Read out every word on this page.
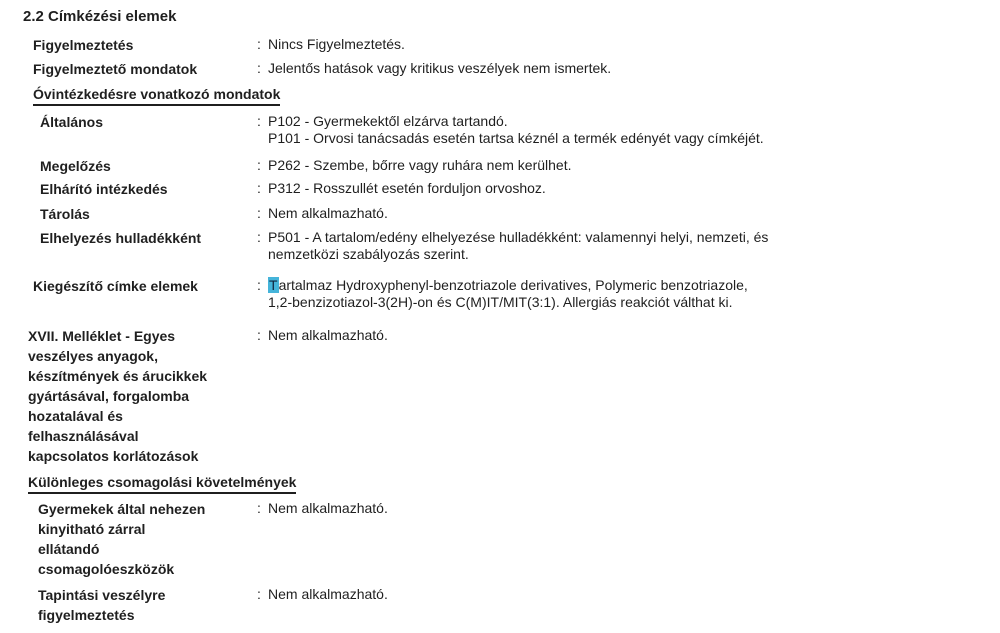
2.2 Címkézési elemek
Figyelmeztetés	: Nincs Figyelmeztetés.
Figyelmeztető mondatok	: Jelentős hatások vagy kritikus veszélyek nem ismertek.
Óvintézkedésre vonatkozó mondatok
Általános	: P102 - Gyermekektől elzárva tartandó.
P101 - Orvosi tanácsadás esetén tartsa kéznél a termék edényét vagy címkéjét.
Megelőzés	: P262 - Szembe, bőrre vagy ruhára nem kerülhet.
Elhárító intézkedés	: P312 - Rosszullét esetén forduljon orvoshoz.
Tárolás	: Nem alkalmazható.
Elhelyezés hulladékként	: P501 - A tartalom/edény elhelyezése hulladékként: valamennyi helyi, nemzeti, és
nemzetközi szabályozás szerint.
Kiegészítő címke elemek	: Tartalmaz Hydroxyphenyl-benzotriazole derivatives, Polymeric benzotriazole,
1,2-benzizotiazol-3(2H)-on és C(M)IT/MIT(3:1). Allergiás reakciót válthat ki.
XVII. Melléklet - Egyes
veszélyes anyagok,
készítmények és árucikkek
gyártásával, forgalomba
hozatalával és
felhasználásával
kapcsolatos korlátozások
: Nem alkalmazható.
Különleges csomagolási követelmények
Gyermekek által nehezen
kinyitható zárral
ellátandó
csomagolóeszközök
: Nem alkalmazható.
Tapintási veszélyre
figyelmeztetés
: Nem alkalmazható.
